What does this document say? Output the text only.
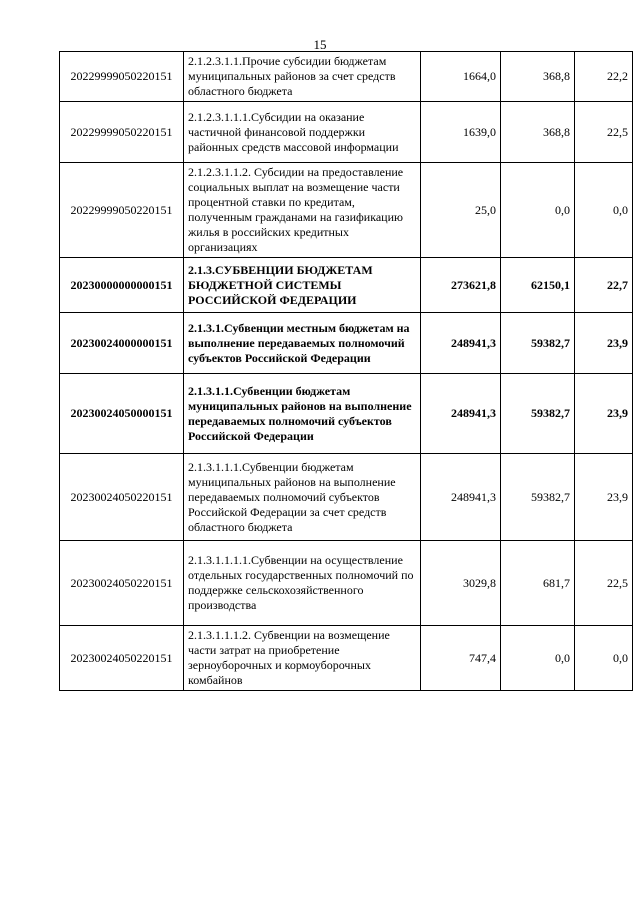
15
20229999050220151	2.1.2.3.1.1.Прочие субсидии бюджетам муниципальных районов за счет средств областного бюджета	1664,0	368,8	22,2
20229999050220151	2.1.2.3.1.1.1.Субсидии на оказание частичной финансовой поддержки районных средств массовой информации	1639,0	368,8	22,5
20229999050220151	2.1.2.3.1.1.2. Субсидии на предоставление социальных выплат на возмещение части процентной ставки по кредитам, полученным гражданами на газификацию жилья в российских кредитных организациях	25,0	0,0	0,0
20230000000000151	2.1.3.СУБВЕНЦИИ БЮДЖЕТАМ БЮДЖЕТНОЙ СИСТЕМЫ РОССИЙСКОЙ ФЕДЕРАЦИИ	273621,8	62150,1	22,7
20230024000000151	2.1.3.1.Субвенции местным бюджетам на выполнение передаваемых полномочий субъектов Российской Федерации	248941,3	59382,7	23,9
20230024050000151	2.1.3.1.1.Субвенции бюджетам муниципальных районов на выполнение передаваемых полномочий субъектов Российской Федерации	248941,3	59382,7	23,9
20230024050220151	2.1.3.1.1.1.Субвенции бюджетам муниципальных районов на выполнение передаваемых полномочий субъектов Российской Федерации за счет средств областного бюджета	248941,3	59382,7	23,9
20230024050220151	2.1.3.1.1.1.1.Субвенции на осуществление отдельных государственных полномочий по поддержке сельскохозяйственного производства	3029,8	681,7	22,5
20230024050220151	2.1.3.1.1.1.2. Субвенции на возмещение части затрат на приобретение зерноуборочных и кормоуборочных комбайнов	747,4	0,0	0,0
